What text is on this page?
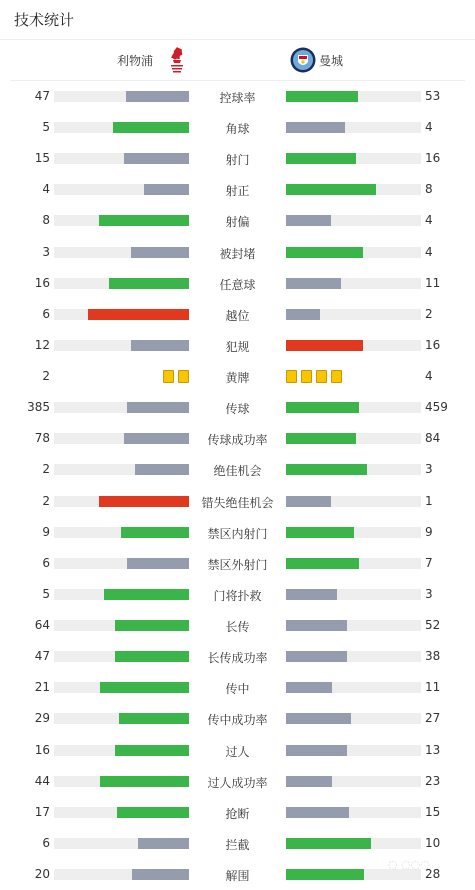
技术统计
利物浦	曼城
47	控球率	53
5	角球	4
15	射门	16
4	射正	8
8	射偏	4
3	被封堵	4
16	任意球	11
6	越位	2
12	犯规	16
2	黄牌	4
385	传球	459
78	传球成功率	84
2	绝佳机会	3
2	错失绝佳机会	1
9	禁区内射门	9
6	禁区外射门	7
5	门将扑救	3
64	长传	52
47	长传成功率	38
21	传中	11
29	传中成功率	27
16	过人	13
44	过人成功率	23
17	抢断	15
6	拦截	10
20	解围	28
◌ ◌◌◌
